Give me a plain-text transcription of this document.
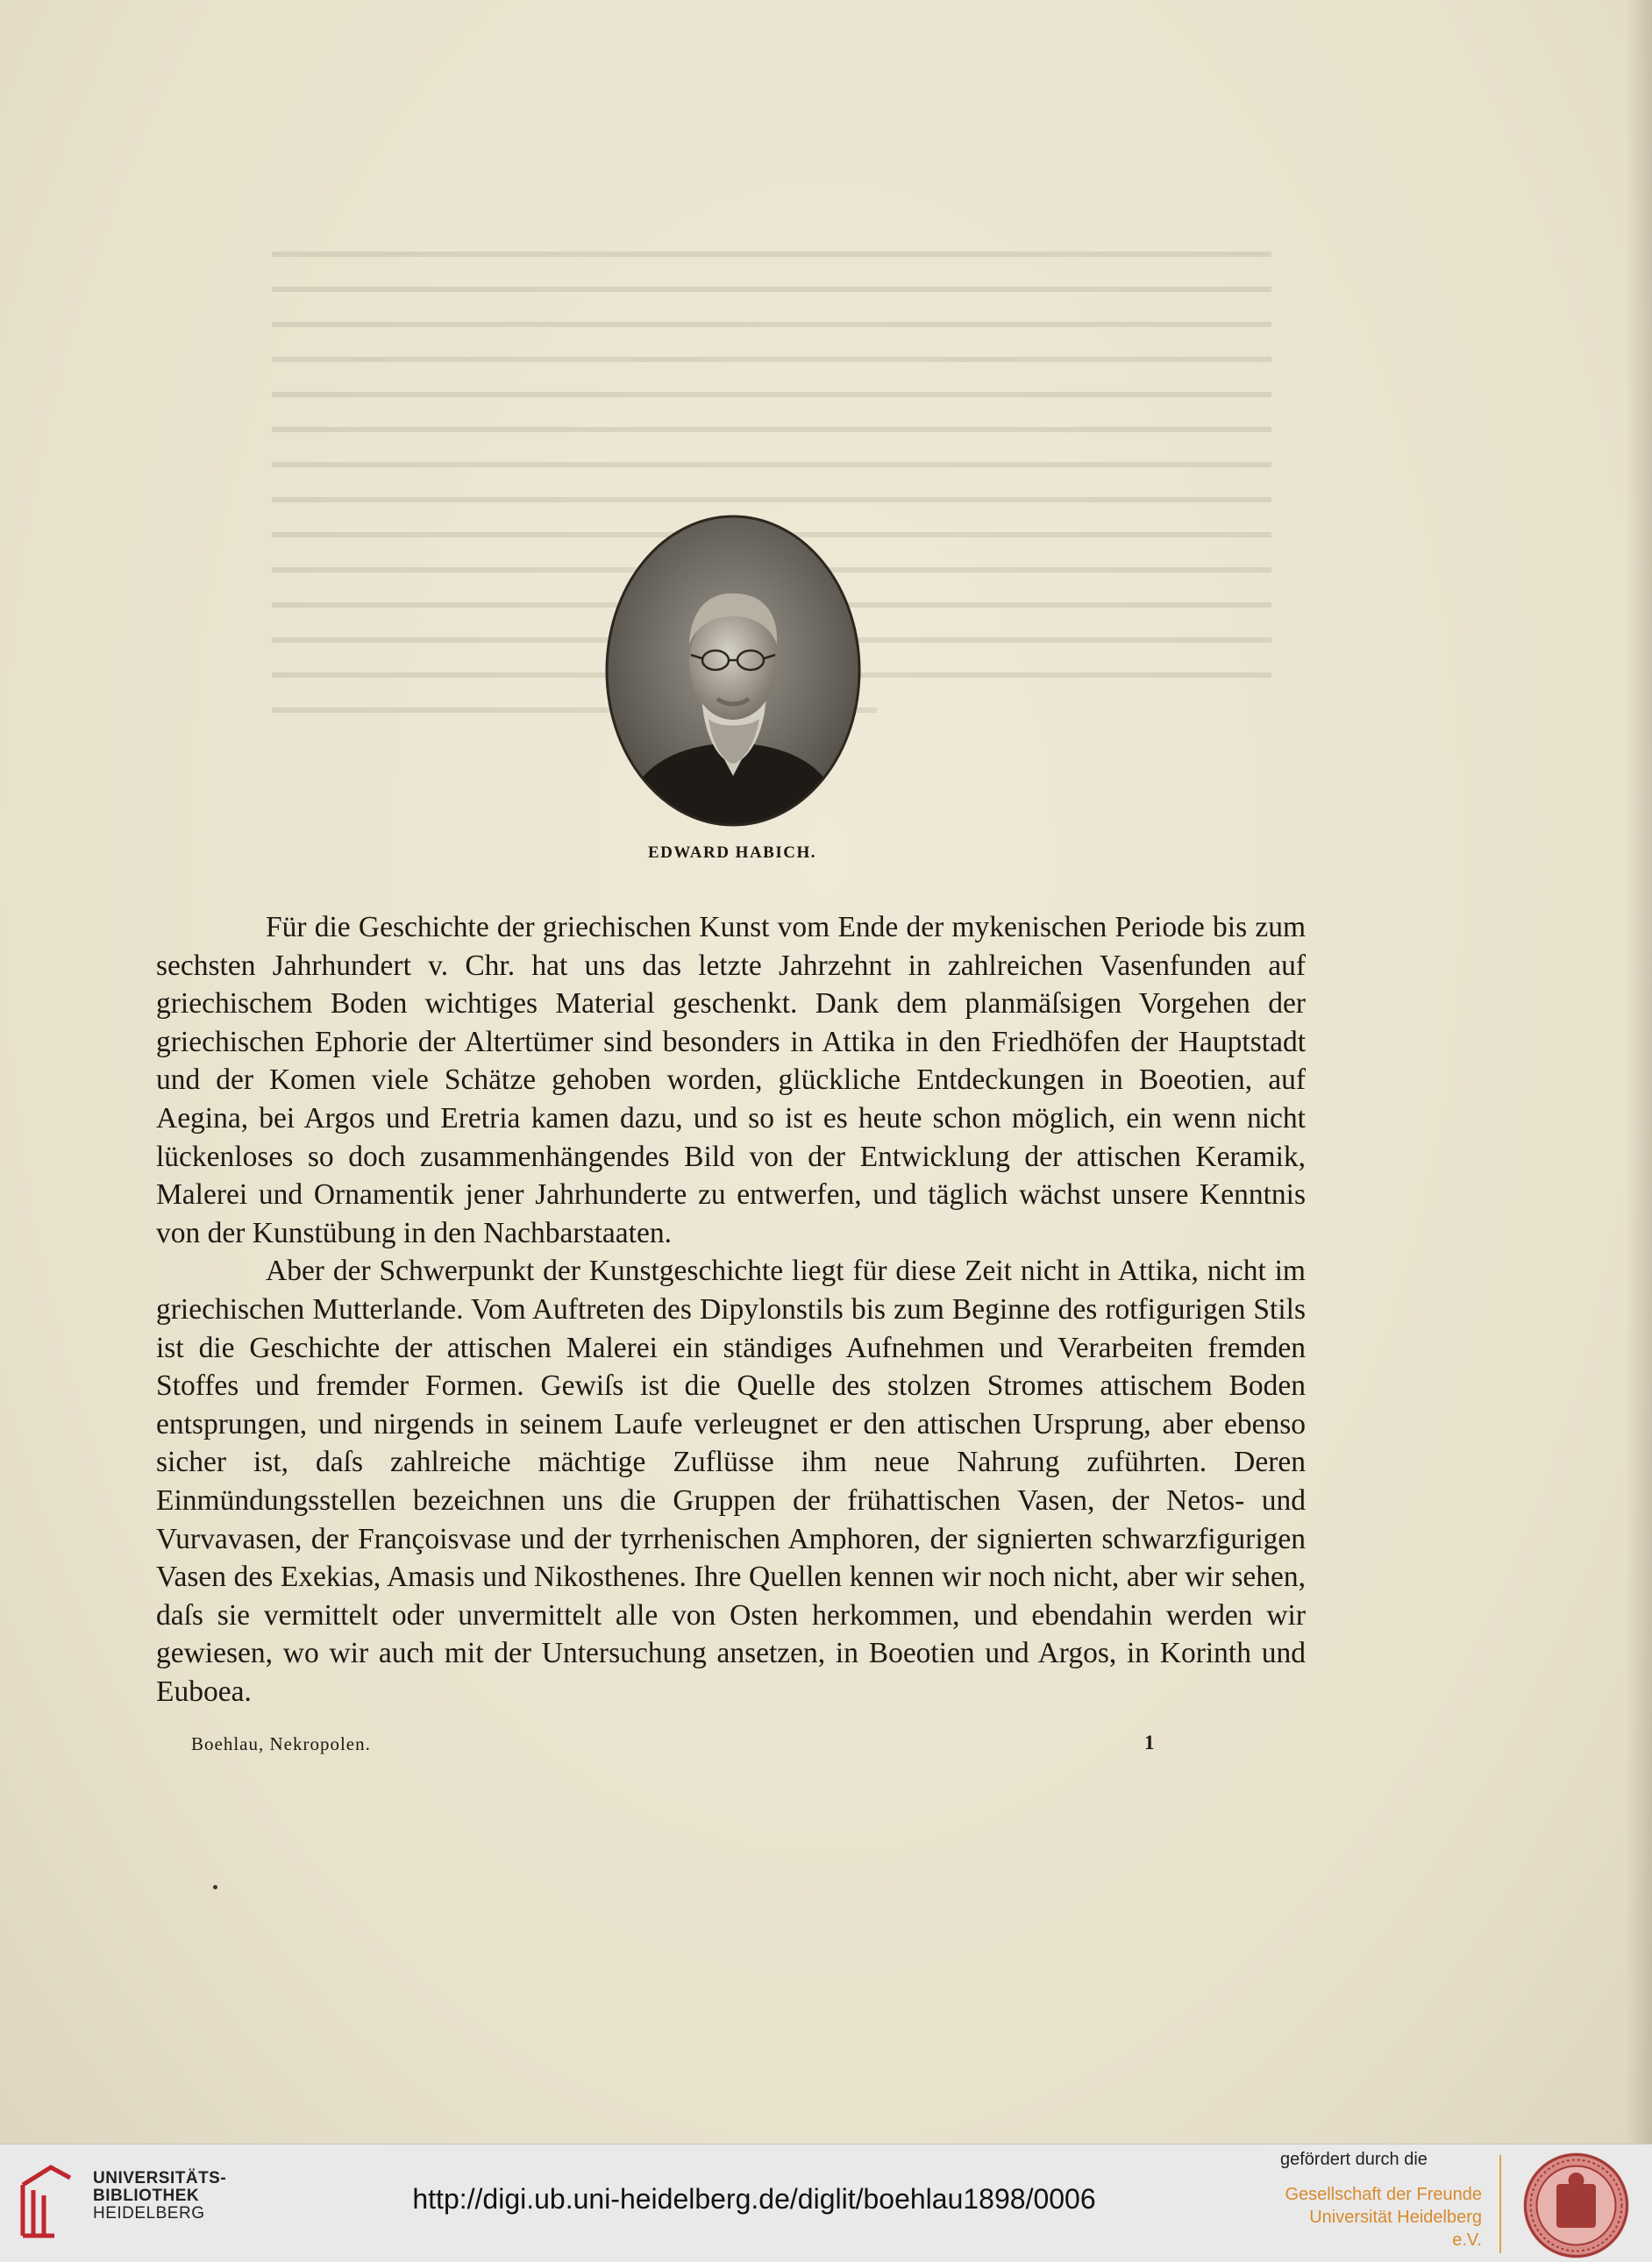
EDWARD HABICH.

Für die Geschichte der griechischen Kunst vom Ende der mykenischen Periode bis zum sechsten Jahrhundert v. Chr. hat uns das letzte Jahrzehnt in zahlreichen Vasenfunden auf griechischem Boden wichtiges Material geschenkt. Dank dem planmäſsigen Vorgehen der griechischen Ephorie der Altertümer sind besonders in Attika in den Friedhöfen der Hauptstadt und der Komen viele Schätze gehoben worden, glückliche Entdeckungen in Boeotien, auf Aegina, bei Argos und Eretria kamen dazu, und so ist es heute schon möglich, ein wenn nicht lückenloses so doch zusammenhängendes Bild von der Entwicklung der attischen Keramik, Malerei und Ornamentik jener Jahrhunderte zu entwerfen, und täglich wächst unsere Kenntnis von der Kunstübung in den Nachbarstaaten.

Aber der Schwerpunkt der Kunstgeschichte liegt für diese Zeit nicht in Attika, nicht im griechischen Mutterlande. Vom Auftreten des Dipylonstils bis zum Beginne des rotfigurigen Stils ist die Geschichte der attischen Malerei ein ständiges Aufnehmen und Verarbeiten fremden Stoffes und fremder Formen. Gewiſs ist die Quelle des stolzen Stromes attischem Boden entsprungen, und nirgends in seinem Laufe verleugnet er den attischen Ursprung, aber ebenso sicher ist, daſs zahlreiche mächtige Zuflüsse ihm neue Nahrung zuführten. Deren Einmündungsstellen bezeichnen uns die Gruppen der frühattischen Vasen, der Netos- und Vurvavasen, der Françoisvase und der tyrrhenischen Amphoren, der signierten schwarzfigurigen Vasen des Exekias, Amasis und Nikosthenes. Ihre Quellen kennen wir noch nicht, aber wir sehen, daſs sie vermittelt oder unvermittelt alle von Osten herkommen, und ebendahin werden wir gewiesen, wo wir auch mit der Untersuchung ansetzen, in Boeotien und Argos, in Korinth und Euboea.

Boehlau, Nekropolen.	1
UNIVERSITÄTS-
BIBLIOTHEK
HEIDELBERG	http://digi.ub.uni-heidelberg.de/diglit/boehlau1898/0006
gefördert durch die
Gesellschaft der Freunde
Universität Heidelberg e.V.
